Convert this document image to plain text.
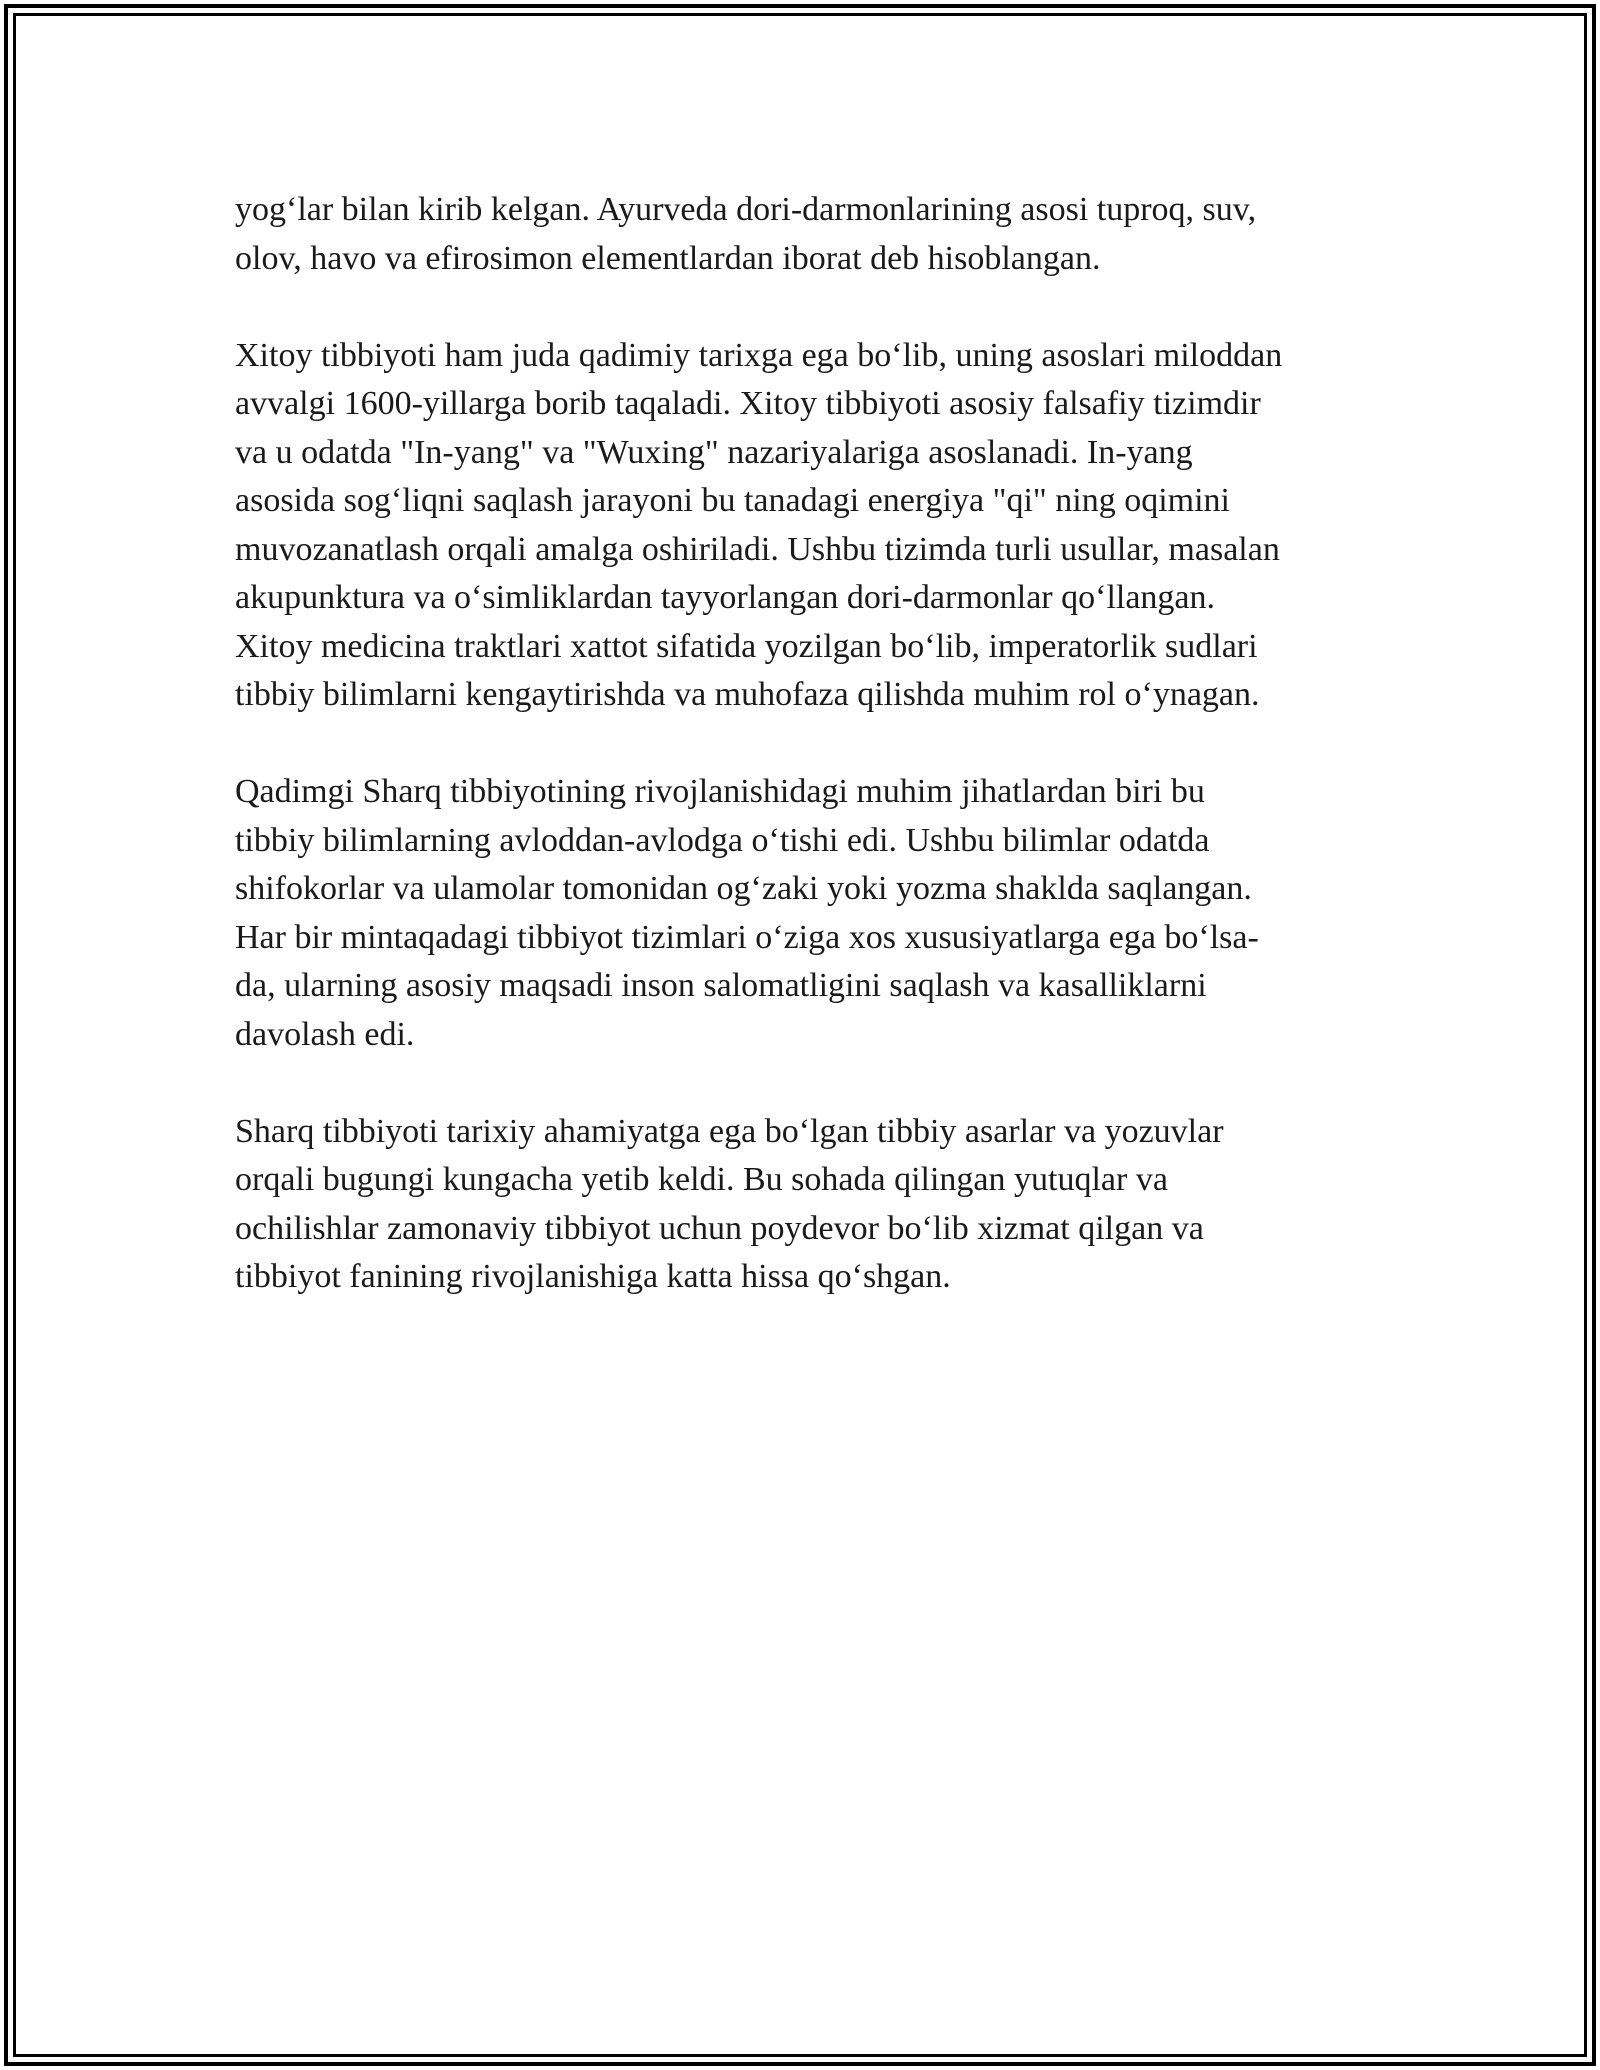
yog‘lar bilan kirib kelgan. Ayurveda dori-darmonlarining asosi tuproq, suv,
olov, havo va efirosimon elementlardan iborat deb hisoblangan.

Xitoy tibbiyoti ham juda qadimiy tarixga ega bo‘lib, uning asoslari miloddan
avvalgi 1600-yillarga borib taqaladi. Xitoy tibbiyoti asosiy falsafiy tizimdir
va u odatda "In-yang" va "Wuxing" nazariyalariga asoslanadi. In-yang
asosida sog‘liqni saqlash jarayoni bu tanadagi energiya "qi" ning oqimini
muvozanatlash orqali amalga oshiriladi. Ushbu tizimda turli usullar, masalan
akupunktura va o‘simliklardan tayyorlangan dori-darmonlar qo‘llangan.
Xitoy medicina traktlari xattot sifatida yozilgan bo‘lib, imperatorlik sudlari
tibbiy bilimlarni kengaytirishda va muhofaza qilishda muhim rol o‘ynagan.

Qadimgi Sharq tibbiyotining rivojlanishidagi muhim jihatlardan biri bu
tibbiy bilimlarning avloddan-avlodga o‘tishi edi. Ushbu bilimlar odatda
shifokorlar va ulamolar tomonidan og‘zaki yoki yozma shaklda saqlangan.
Har bir mintaqadagi tibbiyot tizimlari o‘ziga xos xususiyatlarga ega bo‘lsa-
da, ularning asosiy maqsadi inson salomatligini saqlash va kasalliklarni
davolash edi.

Sharq tibbiyoti tarixiy ahamiyatga ega bo‘lgan tibbiy asarlar va yozuvlar
orqali bugungi kungacha yetib keldi. Bu sohada qilingan yutuqlar va
ochilishlar zamonaviy tibbiyot uchun poydevor bo‘lib xizmat qilgan va
tibbiyot fanining rivojlanishiga katta hissa qo‘shgan.
